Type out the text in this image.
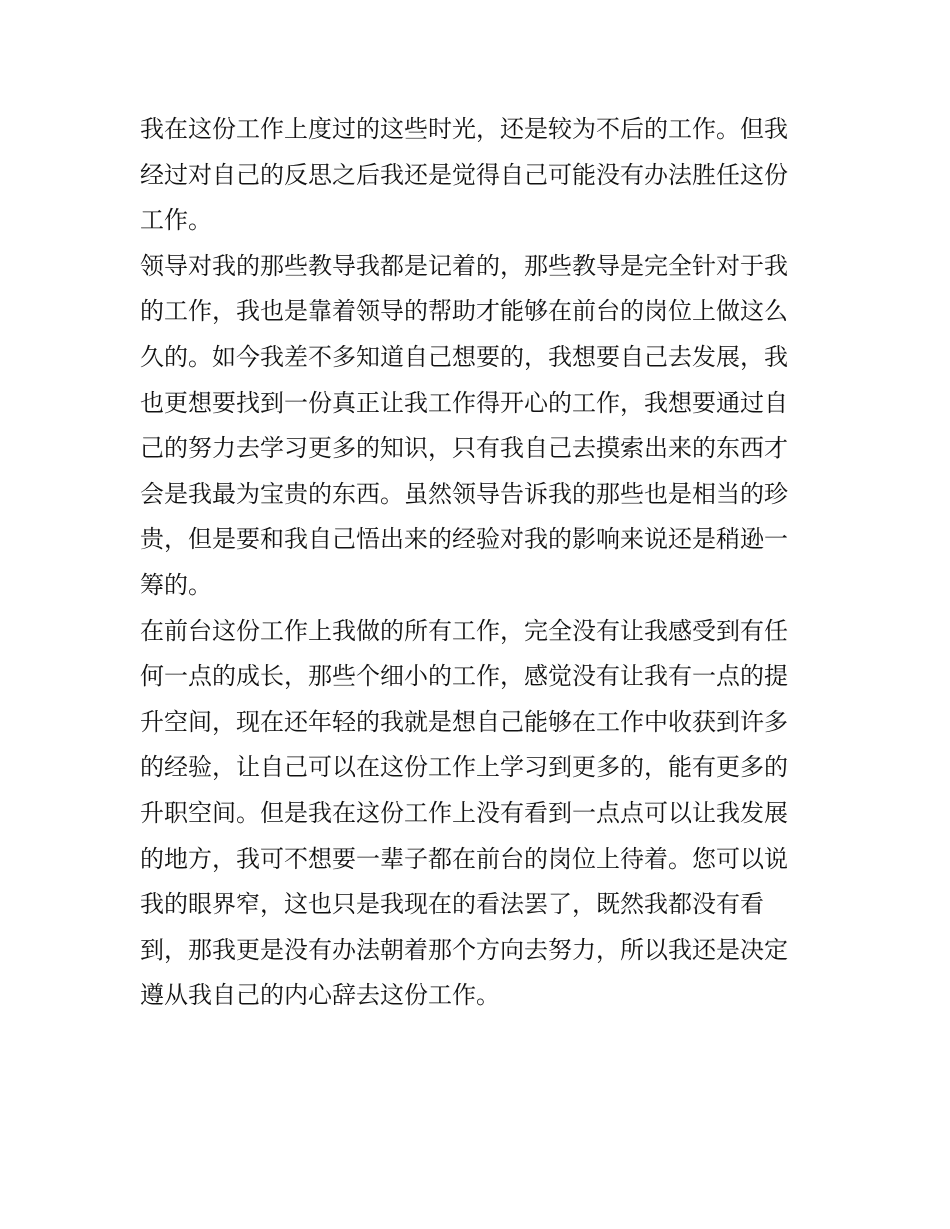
我在这份工作上度过的这些时光，还是较为不后的工作。但我
经过对自己的反思之后我还是觉得自己可能没有办法胜任这份
工作。
领导对我的那些教导我都是记着的，那些教导是完全针对于我
的工作，我也是靠着领导的帮助才能够在前台的岗位上做这么
久的。如今我差不多知道自己想要的，我想要自己去发展，我
也更想要找到一份真正让我工作得开心的工作，我想要通过自
己的努力去学习更多的知识，只有我自己去摸索出来的东西才
会是我最为宝贵的东西。虽然领导告诉我的那些也是相当的珍
贵，但是要和我自己悟出来的经验对我的影响来说还是稍逊一
筹的。
在前台这份工作上我做的所有工作，完全没有让我感受到有任
何一点的成长，那些个细小的工作，感觉没有让我有一点的提
升空间，现在还年轻的我就是想自己能够在工作中收获到许多
的经验，让自己可以在这份工作上学习到更多的，能有更多的
升职空间。但是我在这份工作上没有看到一点点可以让我发展
的地方，我可不想要一辈子都在前台的岗位上待着。您可以说
我的眼界窄，这也只是我现在的看法罢了，既然我都没有看
到，那我更是没有办法朝着那个方向去努力，所以我还是决定
遵从我自己的内心辞去这份工作。
